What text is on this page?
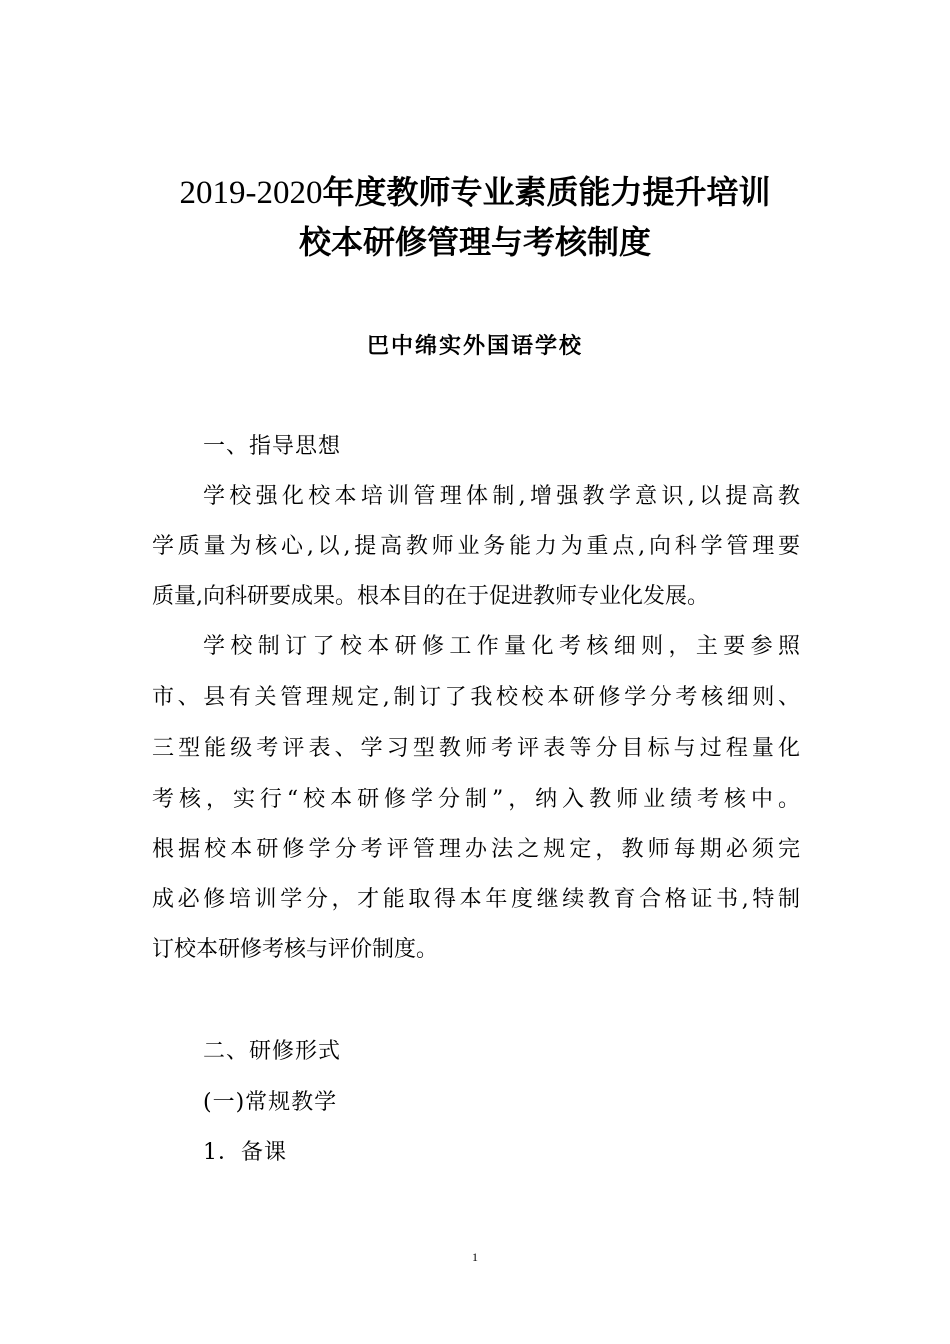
2019-2020年度教师专业素质能力提升培训
校本研修管理与考核制度
巴中绵实外国语学校
一、指导思想
学校强化校本培训管理体制,增强教学意识,以提高教
学质量为核心,以,提高教师业务能力为重点,向科学管理要
质量,向科研要成果。根本目的在于促进教师专业化发展。
学校制订了校本研修工作量化考核细则，主要参照
市、县有关管理规定,制订了我校校本研修学分考核细则、
三型能级考评表、学习型教师考评表等分目标与过程量化
考核，实行“校本研修学分制”，纳入教师业绩考核中。
根据校本研修学分考评管理办法之规定，教师每期必须完
成必修培训学分，才能取得本年度继续教育合格证书,特制
订校本研修考核与评价制度。
二、研修形式
(一)常规教学
1．备课
1
